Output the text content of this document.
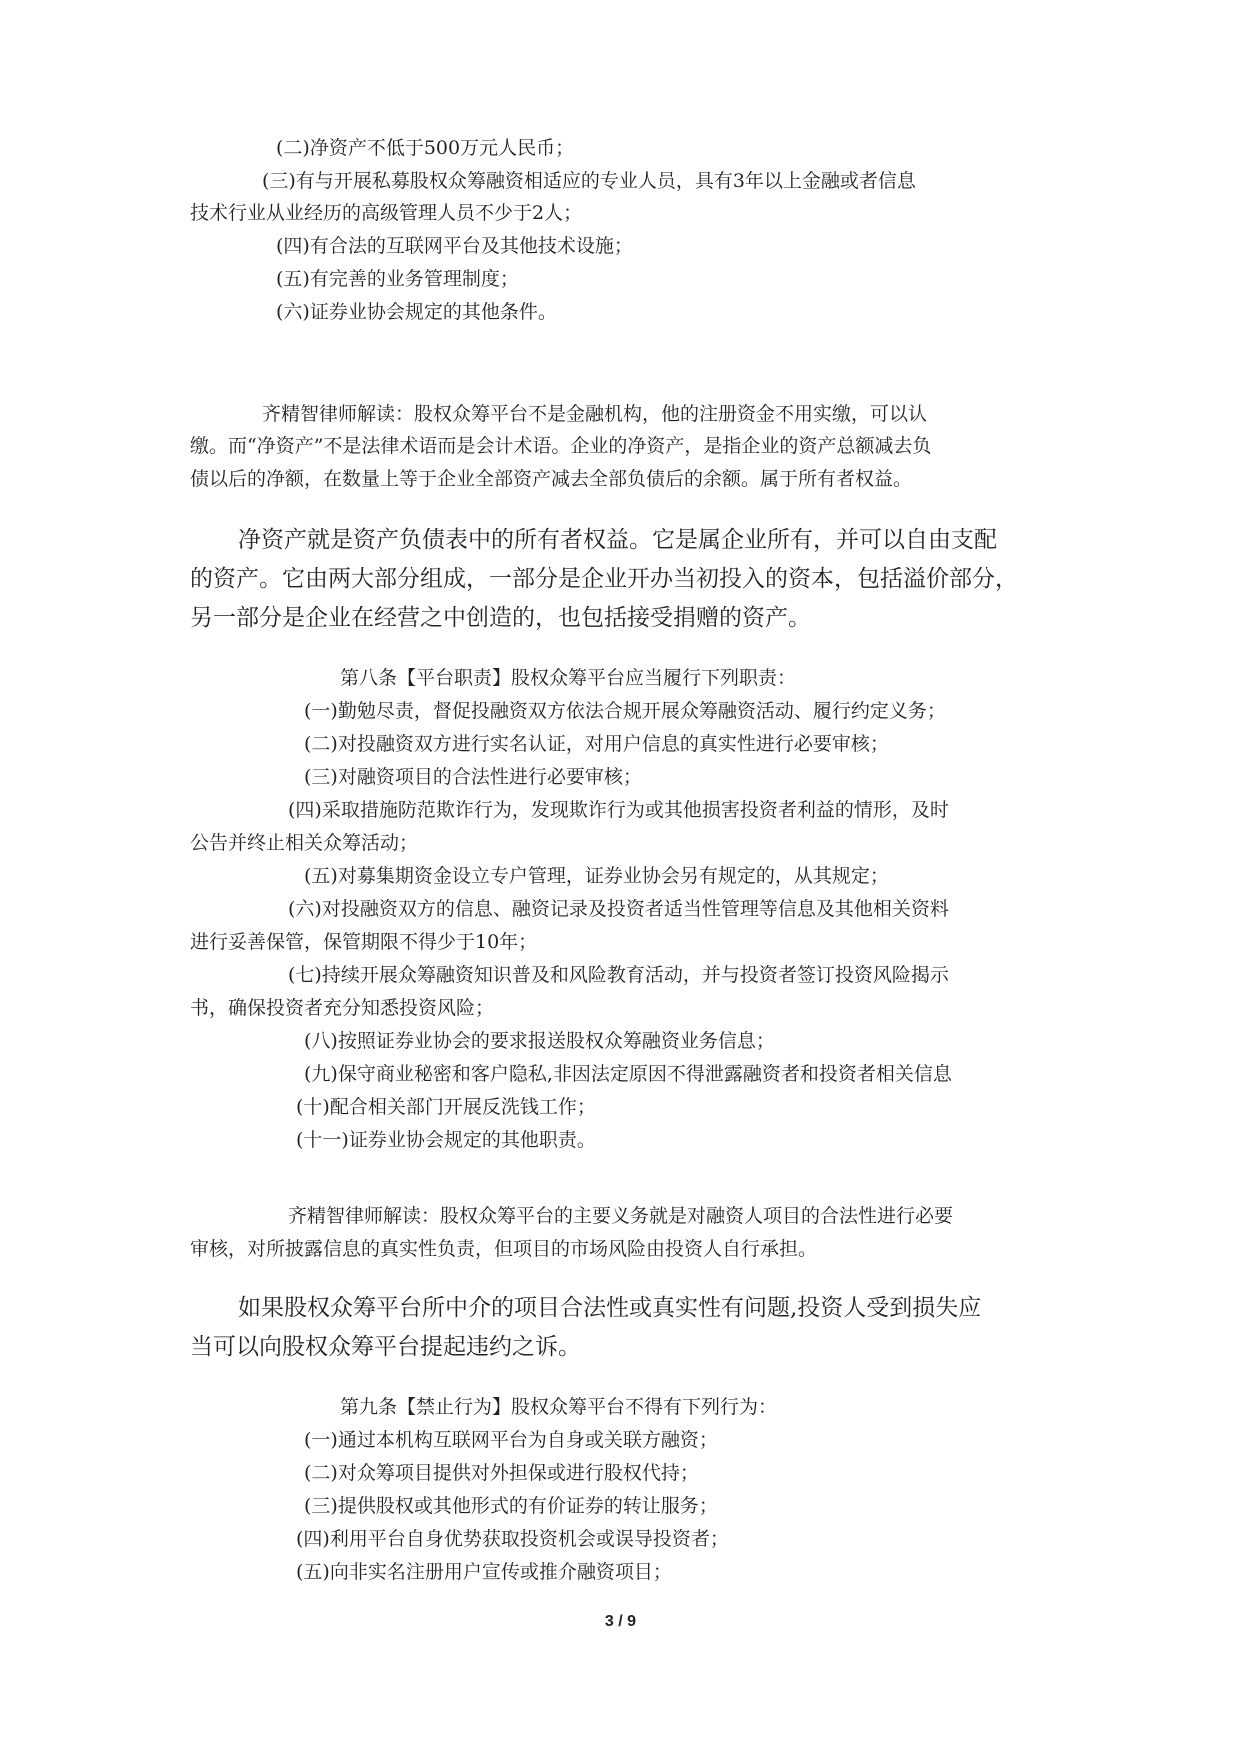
(二)净资产不低于500万元人民币；

(三)有与开展私募股权众筹融资相适应的专业人员，具有3年以上金融或者信息

技术行业从业经历的高级管理人员不少于2人；

(四)有合法的互联网平台及其他技术设施；

(五)有完善的业务管理制度；

(六)证券业协会规定的其他条件。

齐精智律师解读：股权众筹平台不是金融机构，他的注册资金不用实缴，可以认

缴。而“净资产”不是法律术语而是会计术语。企业的净资产，是指企业的资产总额减去负

债以后的净额，在数量上等于企业全部资产减去全部负债后的余额。属于所有者权益。

净资产就是资产负债表中的所有者权益。它是属企业所有，并可以自由支配

的资产。它由两大部分组成，一部分是企业开办当初投入的资本，包括溢价部分，

另一部分是企业在经营之中创造的，也包括接受捐赠的资产。

第八条【平台职责】股权众筹平台应当履行下列职责：

(一)勤勉尽责，督促投融资双方依法合规开展众筹融资活动、履行约定义务；

(二)对投融资双方进行实名认证，对用户信息的真实性进行必要审核；

(三)对融资项目的合法性进行必要审核；

(四)采取措施防范欺诈行为，发现欺诈行为或其他损害投资者利益的情形，及时

公告并终止相关众筹活动；

(五)对募集期资金设立专户管理，证券业协会另有规定的，从其规定；

(六)对投融资双方的信息、融资记录及投资者适当性管理等信息及其他相关资料

进行妥善保管，保管期限不得少于10年；

(七)持续开展众筹融资知识普及和风险教育活动，并与投资者签订投资风险揭示

书，确保投资者充分知悉投资风险；

(八)按照证券业协会的要求报送股权众筹融资业务信息；

(九)保守商业秘密和客户隐私,非因法定原因不得泄露融资者和投资者相关信息

(十)配合相关部门开展反洗钱工作；

(十一)证券业协会规定的其他职责。

齐精智律师解读：股权众筹平台的主要义务就是对融资人项目的合法性进行必要

审核，对所披露信息的真实性负责，但项目的市场风险由投资人自行承担。

如果股权众筹平台所中介的项目合法性或真实性有问题,投资人受到损失应

当可以向股权众筹平台提起违约之诉。

第九条【禁止行为】股权众筹平台不得有下列行为：

(一)通过本机构互联网平台为自身或关联方融资；

(二)对众筹项目提供对外担保或进行股权代持；

(三)提供股权或其他形式的有价证券的转让服务；

(四)利用平台自身优势获取投资机会或误导投资者；

(五)向非实名注册用户宣传或推介融资项目；

3 / 9
